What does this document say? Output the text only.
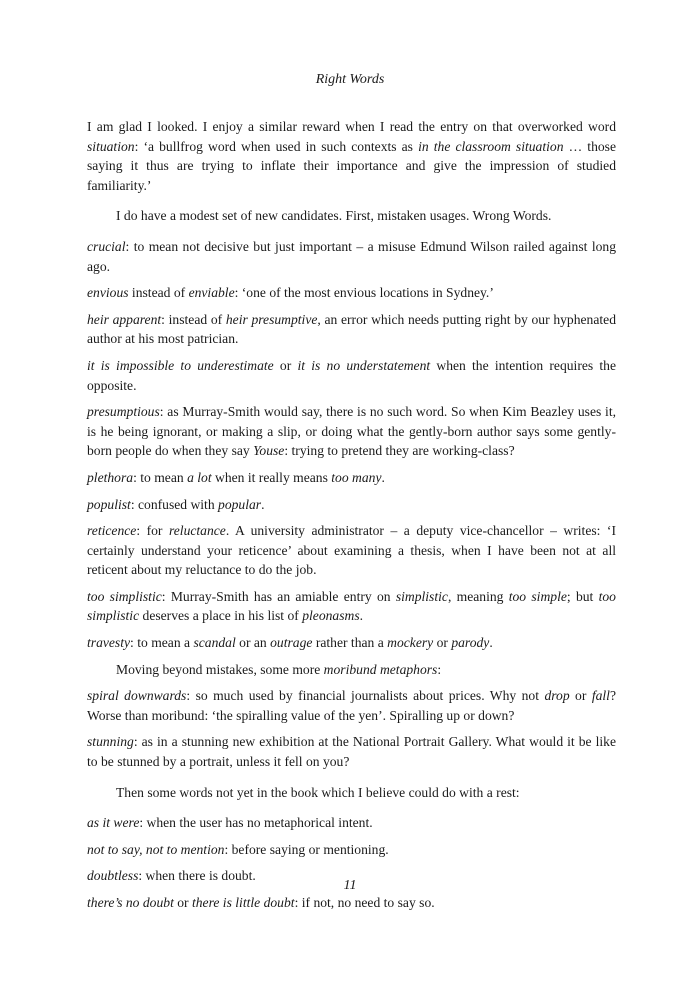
Right Words

I am glad I looked. I enjoy a similar reward when I read the entry on that overworked word situation: ‘a bullfrog word when used in such contexts as in the classroom situation … those saying it thus are trying to inflate their importance and give the impression of studied familiarity.’

I do have a modest set of new candidates. First, mistaken usages. Wrong Words.

crucial: to mean not decisive but just important – a misuse Edmund Wilson railed against long ago.

envious instead of enviable: ‘one of the most envious locations in Sydney.’

heir apparent: instead of heir presumptive, an error which needs putting right by our hyphenated author at his most patrician.

it is impossible to underestimate or it is no understatement when the intention requires the opposite.

presumptious: as Murray-Smith would say, there is no such word. So when Kim Beazley uses it, is he being ignorant, or making a slip, or doing what the gently-born author says some gently-born people do when they say Youse: trying to pretend they are working-class?

plethora: to mean a lot when it really means too many.

populist: confused with popular.

reticence: for reluctance. A university administrator – a deputy vice-chancellor – writes: ‘I certainly understand your reticence’ about examining a thesis, when I have been not at all reticent about my reluctance to do the job.

too simplistic: Murray-Smith has an amiable entry on simplistic, meaning too simple; but too simplistic deserves a place in his list of pleonasms.

travesty: to mean a scandal or an outrage rather than a mockery or parody.

Moving beyond mistakes, some more moribund metaphors:

spiral downwards: so much used by financial journalists about prices. Why not drop or fall? Worse than moribund: ‘the spiralling value of the yen’. Spiralling up or down?

stunning: as in a stunning new exhibition at the National Portrait Gallery. What would it be like to be stunned by a portrait, unless it fell on you?

Then some words not yet in the book which I believe could do with a rest:

as it were: when the user has no metaphorical intent.

not to say, not to mention: before saying or mentioning.

doubtless: when there is doubt.

there’s no doubt or there is little doubt: if not, no need to say so.

11
